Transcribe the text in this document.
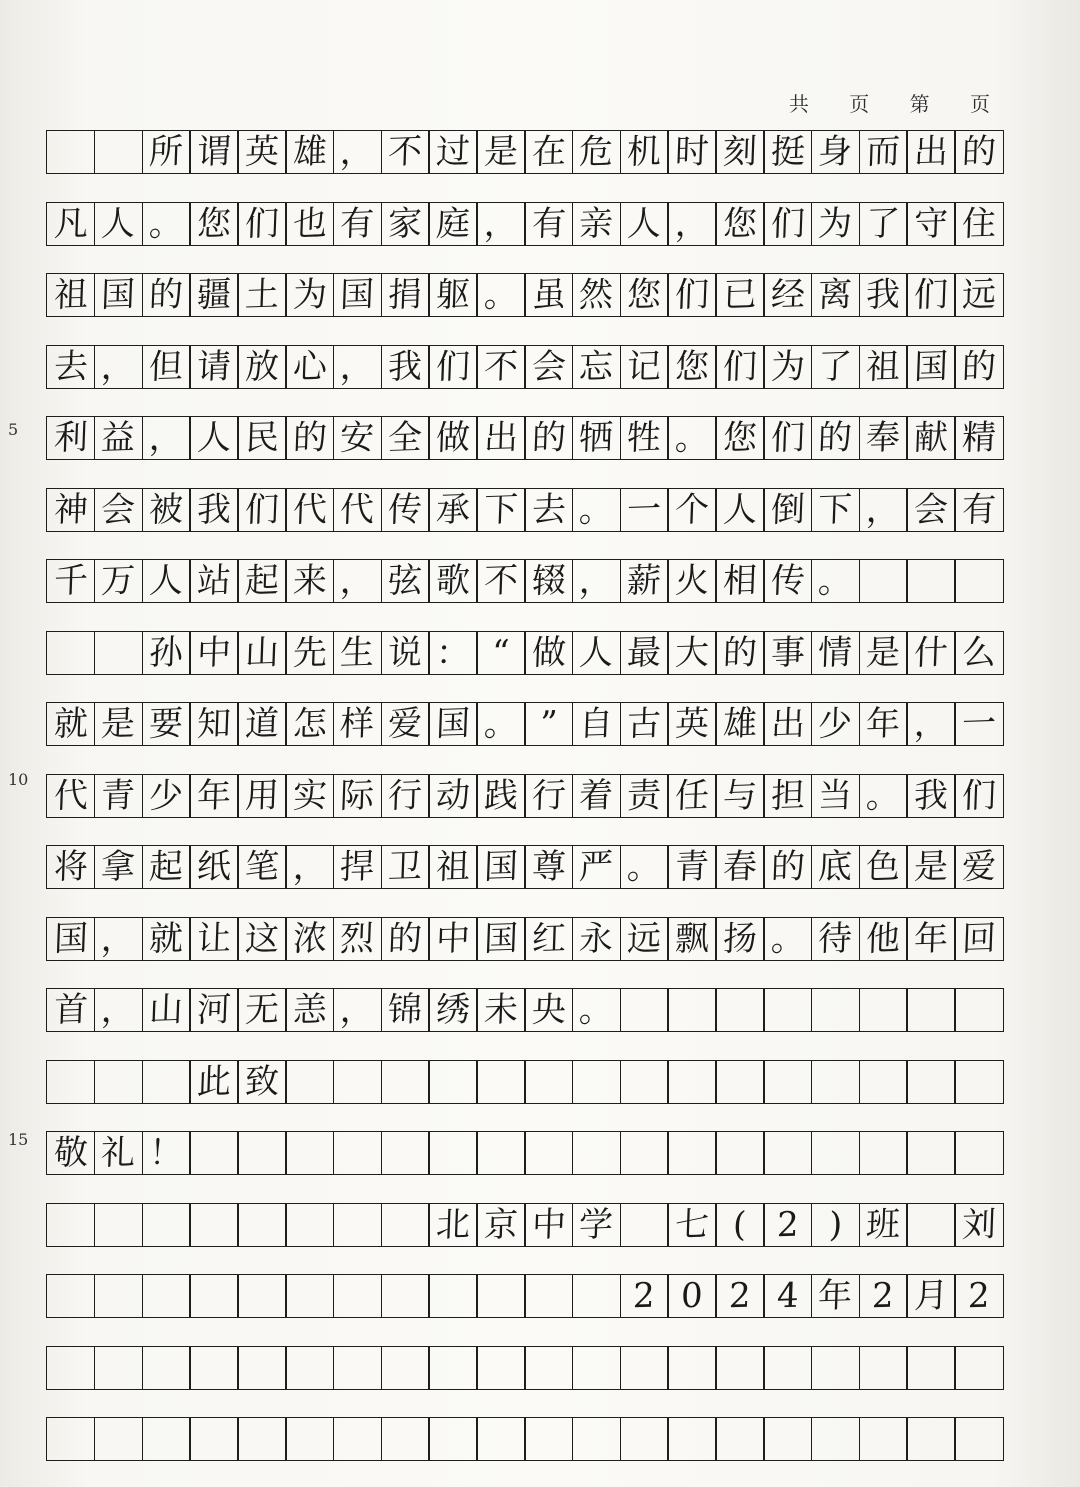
共 页 第 页
5
10
15
所 谓 英 雄 ， 不 过 是 在 危 机 时 刻 挺 身 而 出 的
凡 人 。 您 们 也 有 家 庭 ， 有 亲 人 ， 您 们 为 了 守 住
祖 国 的 疆 土 为 国 捐 躯 。 虽 然 您 们 已 经 离 我 们 远
去 ， 但 请 放 心 ， 我 们 不 会 忘 记 您 们 为 了 祖 国 的
利 益 ， 人 民 的 安 全 做 出 的 牺 牲 。 您 们 的 奉 献 精
神 会 被 我 们 代 代 传 承 下 去 。 一 个 人 倒 下 ， 会 有
千 万 人 站 起 来 ， 弦 歌 不 辍 ， 薪 火 相 传 。
孙 中 山 先 生 说 ： “ 做 人 最 大 的 事 情 是 什 么
就 是 要 知 道 怎 样 爱 国 。 ” 自 古 英 雄 出 少 年 ， 一
代 青 少 年 用 实 际 行 动 践 行 着 责 任 与 担 当 。 我 们
将 拿 起 纸 笔 ， 捍 卫 祖 国 尊 严 。 青 春 的 底 色 是 爱
国 ， 就 让 这 浓 烈 的 中 国 红 永 远 飘 扬 。 待 他 年 回
首 ， 山 河 无 恙 ， 锦 绣 未 央 。
此 致
敬 礼 ！
北 京 中 学 七 ( 2 ) 班 刘
2 0 2 4 年 2 月 2
